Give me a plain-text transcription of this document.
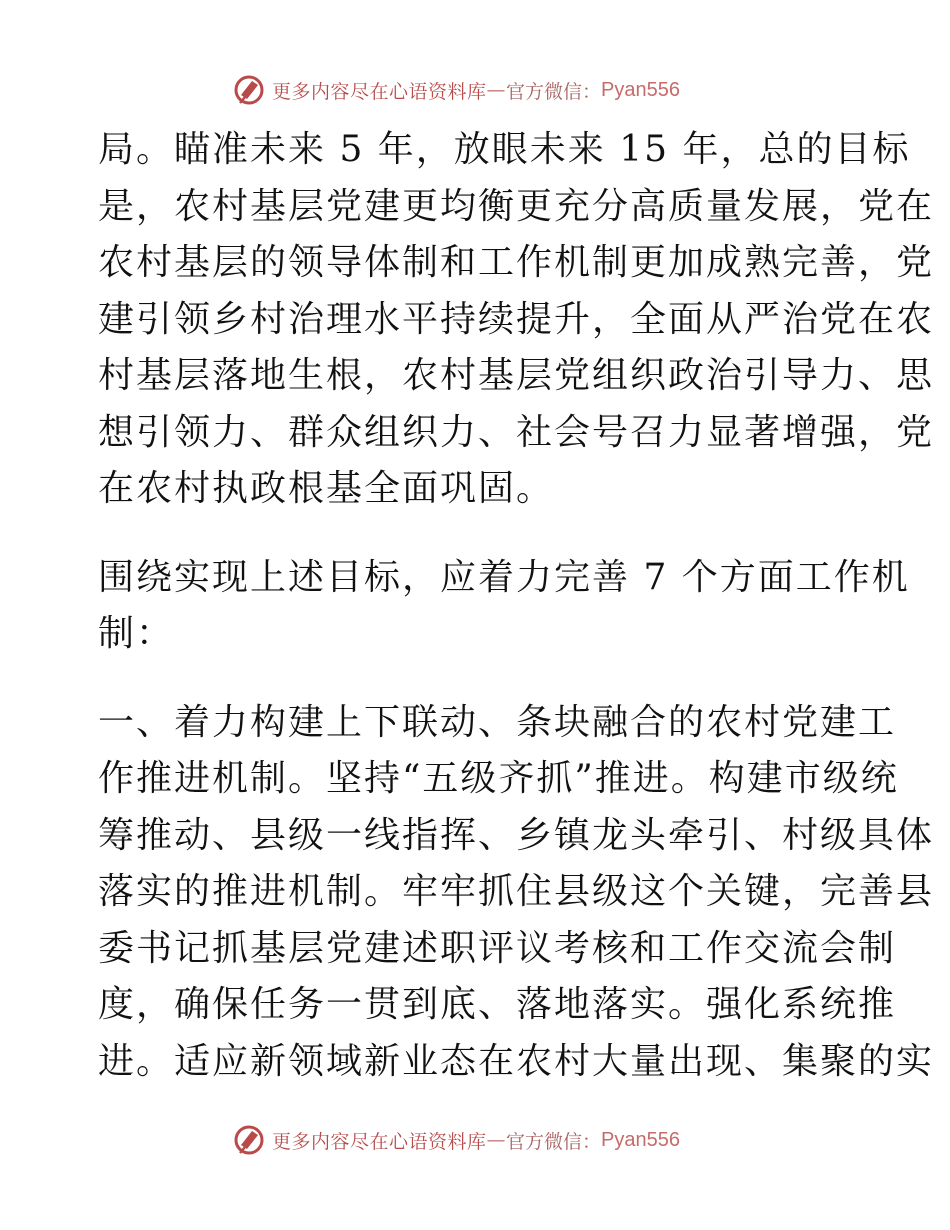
更多内容尽在心语资料库 — 官方微信： Pyan556
局。瞄准未来 5 年，放眼未来 15 年，总的目标
是，农村基层党建更均衡更充分高质量发展，党在
农村基层的领导体制和工作机制更加成熟完善，党
建引领乡村治理水平持续提升，全面从严治党在农
村基层落地生根，农村基层党组织政治引导力、思
想引领力、群众组织力、社会号召力显著增强，党
在农村执政根基全面巩固。
围绕实现上述目标，应着力完善 7 个方面工作机
制：
一、着力构建上下联动、条块融合的农村党建工
作推进机制。坚持“五级齐抓”推进。构建市级统
筹推动、县级一线指挥、乡镇龙头牵引、村级具体
落实的推进机制。牢牢抓住县级这个关键，完善县
委书记抓基层党建述职评议考核和工作交流会制
度，确保任务一贯到底、落地落实。强化系统推
进。适应新领域新业态在农村大量出现、集聚的实
更多内容尽在心语资料库 — 官方微信： Pyan556
